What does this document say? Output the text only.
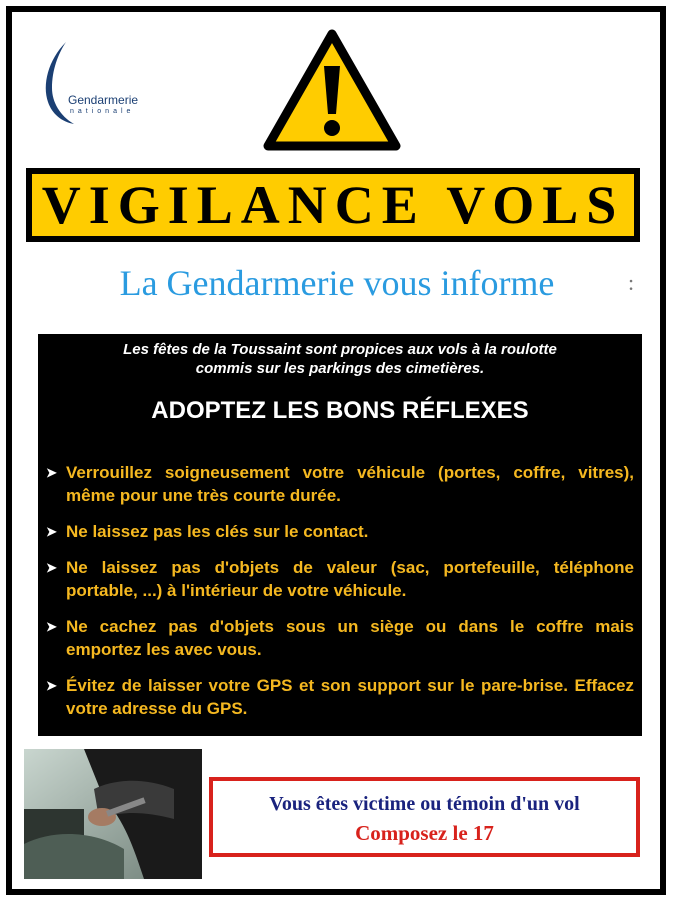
Gendarmerie
nationale
VIGILANCE VOLS
La Gendarmerie vous informe	:
Les fêtes de la Toussaint sont propices aux vols à la roulotte
commis sur les parkings des cimetières.
ADOPTEZ LES BONS RÉFLEXES
➤ Verrouillez soigneusement votre véhicule (portes, coffre, vitres), même pour une très courte durée.
➤ Ne laissez pas les clés sur le contact.
➤ Ne laissez pas d'objets de valeur (sac, portefeuille, téléphone portable, ...) à l'intérieur de votre véhicule.
➤ Ne cachez pas d'objets sous un siège ou dans le coffre mais emportez les avec vous.
➤ Évitez de laisser votre GPS et son support sur le pare-brise. Effacez votre adresse du GPS.
Vous êtes victime ou témoin d'un vol
Composez le 17
